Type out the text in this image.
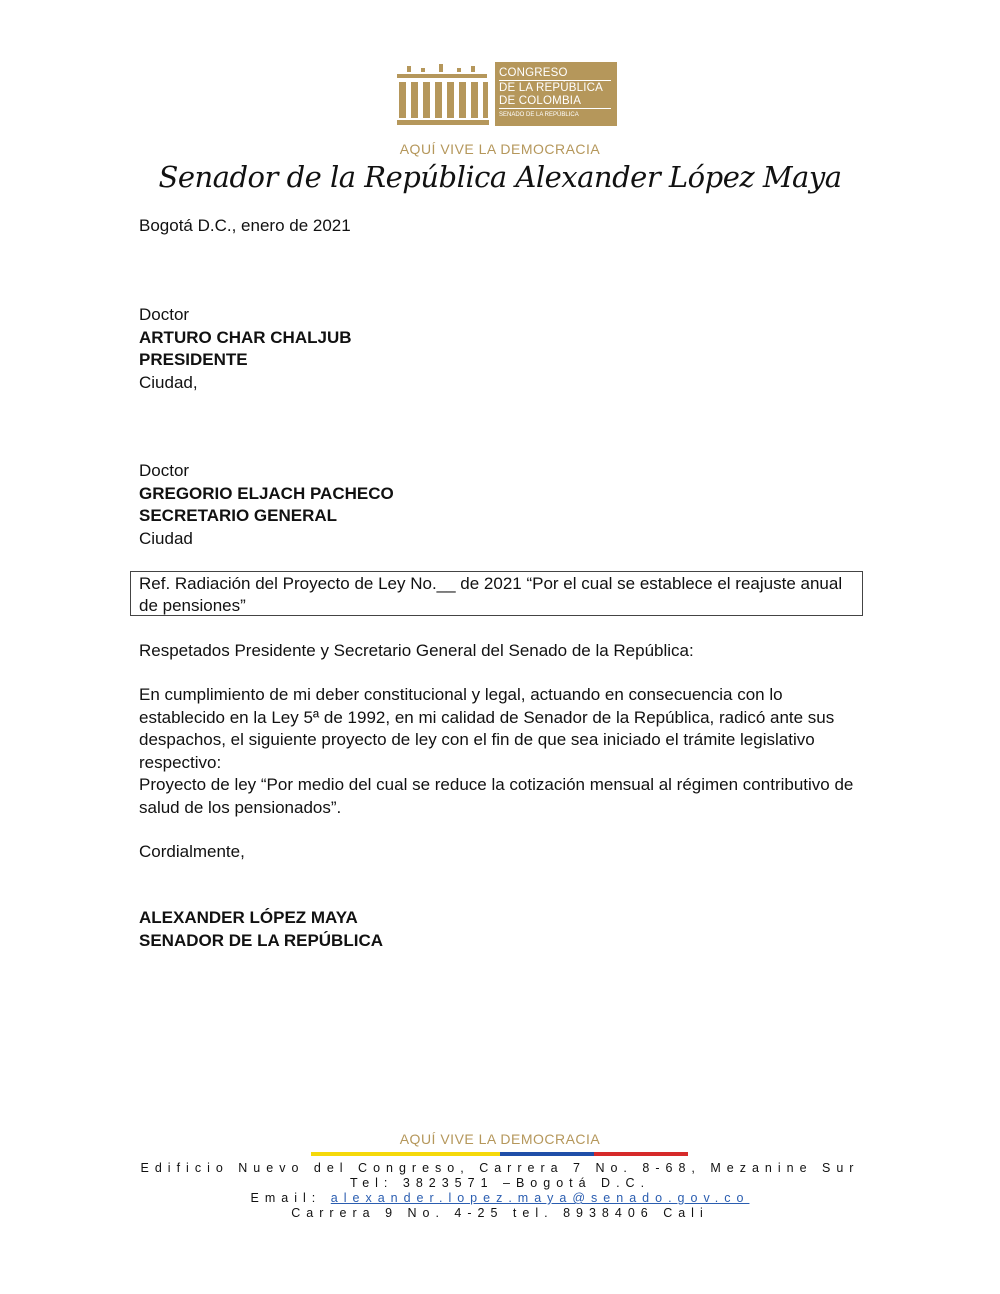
CONGRESO
DE LA REPÚBLICA
DE COLOMBIA
SENADO DE LA REPÚBLICA
AQUÍ VIVE LA DEMOCRACIA
Senador de la República Alexander López Maya
Bogotá D.C., enero de 2021
Doctor
ARTURO CHAR CHALJUB
PRESIDENTE
Ciudad,
Doctor
GREGORIO ELJACH PACHECO
SECRETARIO GENERAL
Ciudad
Ref. Radiación del Proyecto de Ley No.__ de 2021 “Por el cual se establece el reajuste anual de pensiones”
Respetados Presidente y Secretario General del Senado de la República:
En cumplimiento de mi deber constitucional y legal, actuando en consecuencia con lo establecido en la Ley 5ª de 1992, en mi calidad de Senador de la República, radicó ante sus despachos, el siguiente proyecto de ley con el fin de que sea iniciado el trámite legislativo respectivo:
Proyecto de ley “Por medio del cual se reduce la cotización mensual al régimen contributivo de salud de los pensionados”.
Cordialmente,
ALEXANDER LÓPEZ MAYA
SENADOR DE LA REPÚBLICA
AQUÍ VIVE LA DEMOCRACIA
Edificio Nuevo del Congreso, Carrera 7 No. 8-68, Mezanine Sur
Tel: 3823571 –Bogotá D.C.
Email: alexander.lopez.maya@senado.gov.co
Carrera 9 No. 4-25 tel. 8938406 Cali
